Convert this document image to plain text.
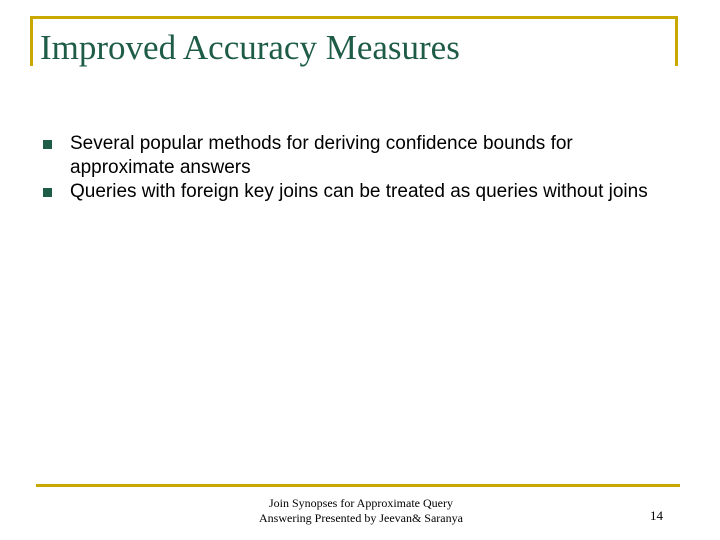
Improved Accuracy Measures
Several popular methods for deriving confidence bounds for approximate answers
Queries with foreign key joins can be treated as queries without joins
Join Synopses for Approximate Query
Answering Presented by Jeevan& Saranya	14
